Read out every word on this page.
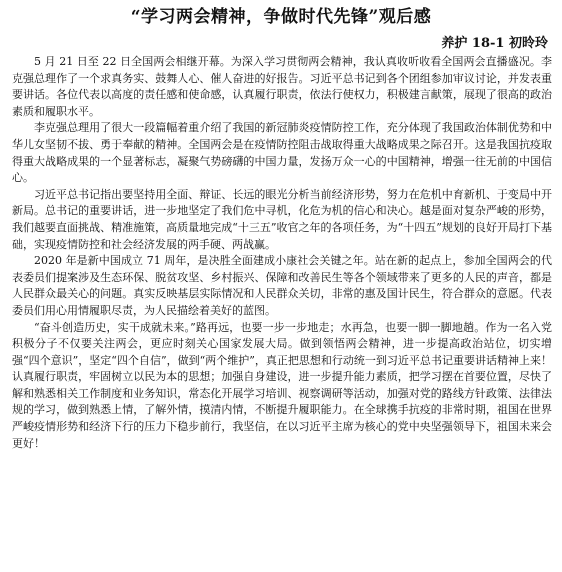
“学习两会精神，争做时代先锋”观后感
养护 18-1 初昤玲

5 月 21 日至 22 日全国两会相继开幕。为深入学习贯彻两会精神，我认真收听收看全国两会直播盛况。李克强总理作了一个求真务实、鼓舞人心、催人奋进的好报告。习近平总书记到各个团组参加审议讨论，并发表重要讲话。各位代表以高度的责任感和使命感，认真履行职责，依法行使权力，积极建言献策，展现了很高的政治素质和履职水平。

李克强总理用了很大一段篇幅着重介绍了我国的新冠肺炎疫情防控工作，充分体现了我国政治体制优势和中华儿女坚韧不拔、勇于奉献的精神。全国两会是在疫情防控阻击战取得重大战略成果之际召开。这是我国抗疫取得重大战略成果的一个显著标志，凝聚气势磅礴的中国力量，发扬万众一心的中国精神，增强一往无前的中国信心。

习近平总书记指出要坚持用全面、辩证、长远的眼光分析当前经济形势，努力在危机中育新机、于变局中开新局。总书记的重要讲话，进一步地坚定了我们危中寻机，化危为机的信心和决心。越是面对复杂严峻的形势，我们越要直面挑战、精准施策，高质量地完成“十三五”收官之年的各项任务，为“十四五”规划的良好开局打下基础，实现疫情防控和社会经济发展的两手硬、两战赢。

2020 年是新中国成立 71 周年，是决胜全面建成小康社会关键之年。站在新的起点上，参加全国两会的代表委员们提案涉及生态环保、脱贫攻坚、乡村振兴、保障和改善民生等各个领域带来了更多的人民的声音，都是人民群众最关心的问题。真实反映基层实际情况和人民群众关切，非常的惠及国计民生，符合群众的意愿。代表委员们用心用情履职尽责，为人民描绘着美好的蓝图。

“奋斗创造历史，实干成就未来。”路再远，也要一步一步地走；水再急，也要一脚一脚地趟。作为一名入党积极分子不仅要关注两会，更应时刻关心国家发展大局。做到领悟两会精神，进一步提高政治站位，切实增强“四个意识”，坚定“四个自信”，做到“两个维护”，真正把思想和行动统一到习近平总书记重要讲话精神上来！认真履行职责，牢固树立以民为本的思想；加强自身建设，进一步提升能力素质，把学习摆在首要位置，尽快了解和熟悉相关工作制度和业务知识，常态化开展学习培训、视察调研等活动，加强对党的路线方针政策、法律法规的学习，做到熟悉上情，了解外情，摸清内情，不断提升履职能力。在全球携手抗疫的非常时期，祖国在世界严峻疫情形势和经济下行的压力下稳步前行，我坚信，在以习近平主席为核心的党中央坚强领导下，祖国未来会更好！
